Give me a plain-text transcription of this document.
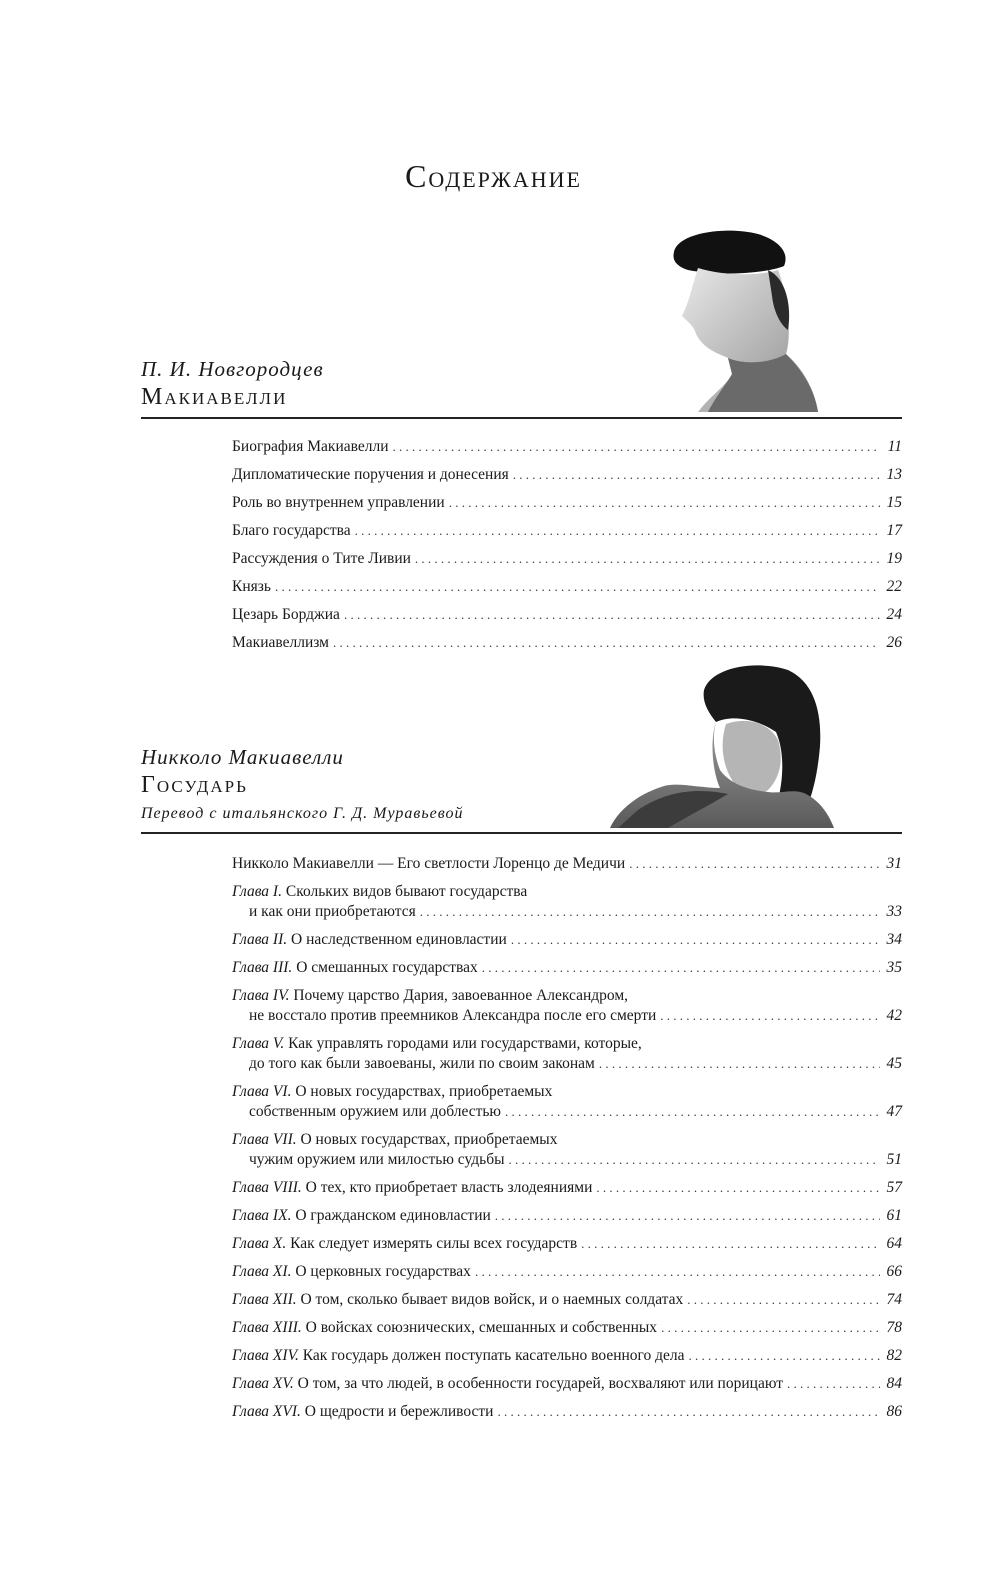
Содержание
П. И. Новгородцев
Макиавелли
Биография Макиавелли . . .	11
Дипломатические поручения и донесения . . .	13
Роль во внутреннем управлении . . .	15
Благо государства . . .	17
Рассуждения о Тите Ливии . . .	19
Князь . . .	22
Цезарь Борджиа . . .	24
Макиавеллизм . . .	26
Никколо Макиавелли
Государь
Перевод с итальянского Г. Д. Муравьевой
Никколо Макиавелли — Его светлости Лоренцо де Медичи . . .	31
Глава I. Скольких видов бывают государства
и как они приобретаются . . .	33
Глава II. О наследственном единовластии . . .	34
Глава III. О смешанных государствах . . .	35
Глава IV. Почему царство Дария, завоеванное Александром,
не восстало против преемников Александра после его смерти . . .	42
Глава V. Как управлять городами или государствами, которые,
до того как были завоеваны, жили по своим законам . . .	45
Глава VI. О новых государствах, приобретаемых
собственным оружием или доблестью . . .	47
Глава VII. О новых государствах, приобретаемых
чужим оружием или милостью судьбы . . .	51
Глава VIII. О тех, кто приобретает власть злодеяниями . . .	57
Глава IX. О гражданском единовластии . . .	61
Глава X. Как следует измерять силы всех государств . . .	64
Глава XI. О церковных государствах . . .	66
Глава XII. О том, сколько бывает видов войск, и о наемных солдатах . . .	74
Глава XIII. О войсках союзнических, смешанных и собственных . . .	78
Глава XIV. Как государь должен поступать касательно военного дела . . .	82
Глава XV. О том, за что людей, в особенности государей, восхваляют или порицают . . .	84
Глава XVI. О щедрости и бережливости . . .	86
